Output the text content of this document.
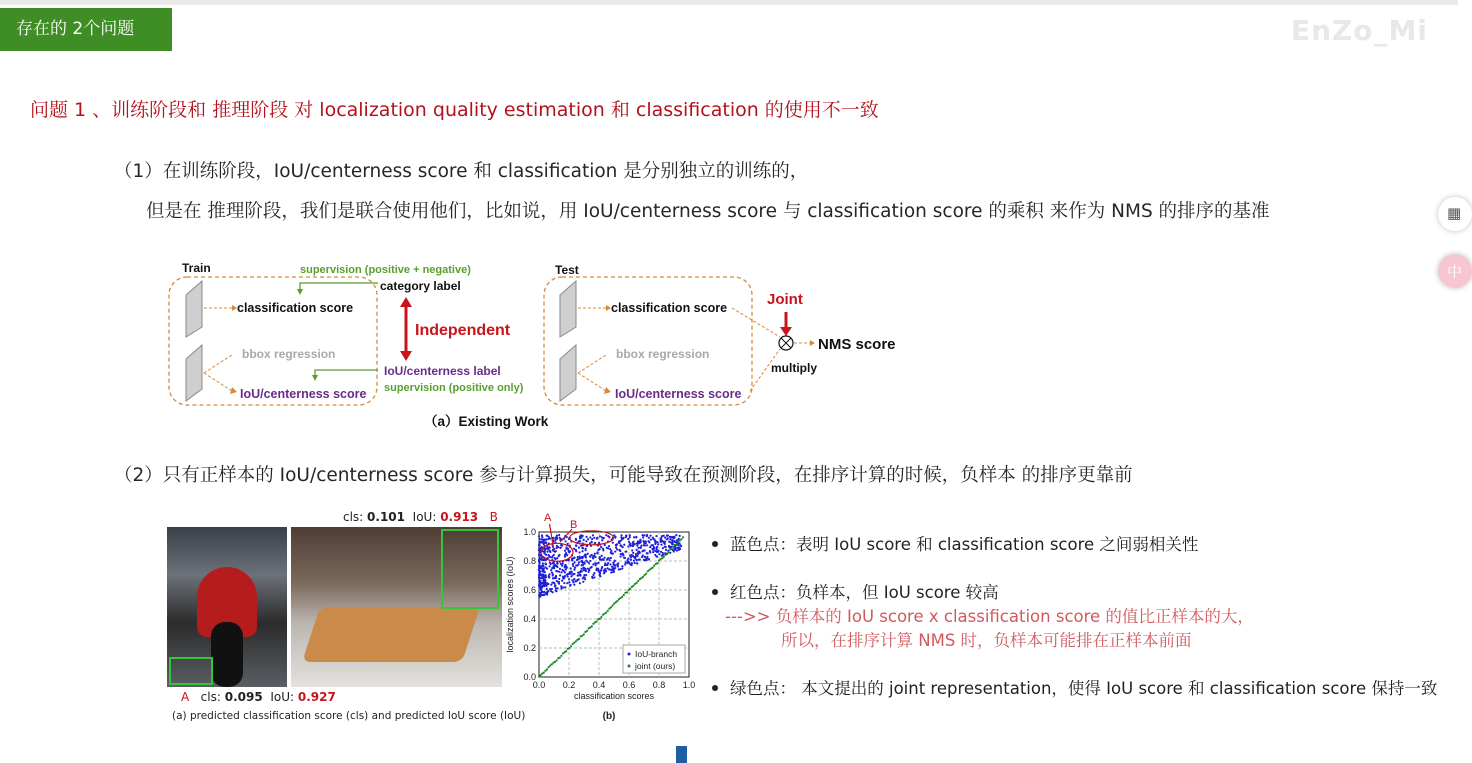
存在的 2个问题	EnZo_Mi
问题 1 、训练阶段和 推理阶段 对 localization quality estimation 和 classification 的使用不一致
（1）在训练阶段，IoU/centerness score 和 classification 是分别独立的训练的，
但是在 推理阶段，我们是联合使用他们，比如说，用 IoU/centerness score 与 classification score 的乘积 来作为 NMS 的排序的基准	▦
中
Train
classification score
bbox regression
IoU/centerness score
supervision (positive + negative)
category label
Independent
IoU/centerness label
supervision (positive only)
Test
classification score
bbox regression
IoU/centerness score
Joint
NMS score
multiply
（a）Existing Work
（2）只有正样本的 IoU/centerness score 参与计算损失，可能导致在预测阶段，在排序计算的时候，负样本 的排序更靠前
cls: 0.101 IoU: 0.913 B
A cls: 0.095 IoU: 0.927
(a) predicted classification score (cls) and predicted IoU score (IoU)
0.0 0.2 0.4 0.6 0.8 1.0
0.0
0.2
0.4
0.6
0.8
1.0
classification scores
localization scores (IoU)
A
B
IoU-branch
joint (ours)
(b)
蓝色点：表明 IoU score 和 classification score 之间弱相关性
红色点：负样本，但 IoU score 较高
--->> 负样本的 IoU score x classification score 的值比正样本的大，
所以，在排序计算 NMS 时，负样本可能排在正样本前面
绿色点： 本文提出的 joint representation，使得 IoU score 和 classification score 保持一致
